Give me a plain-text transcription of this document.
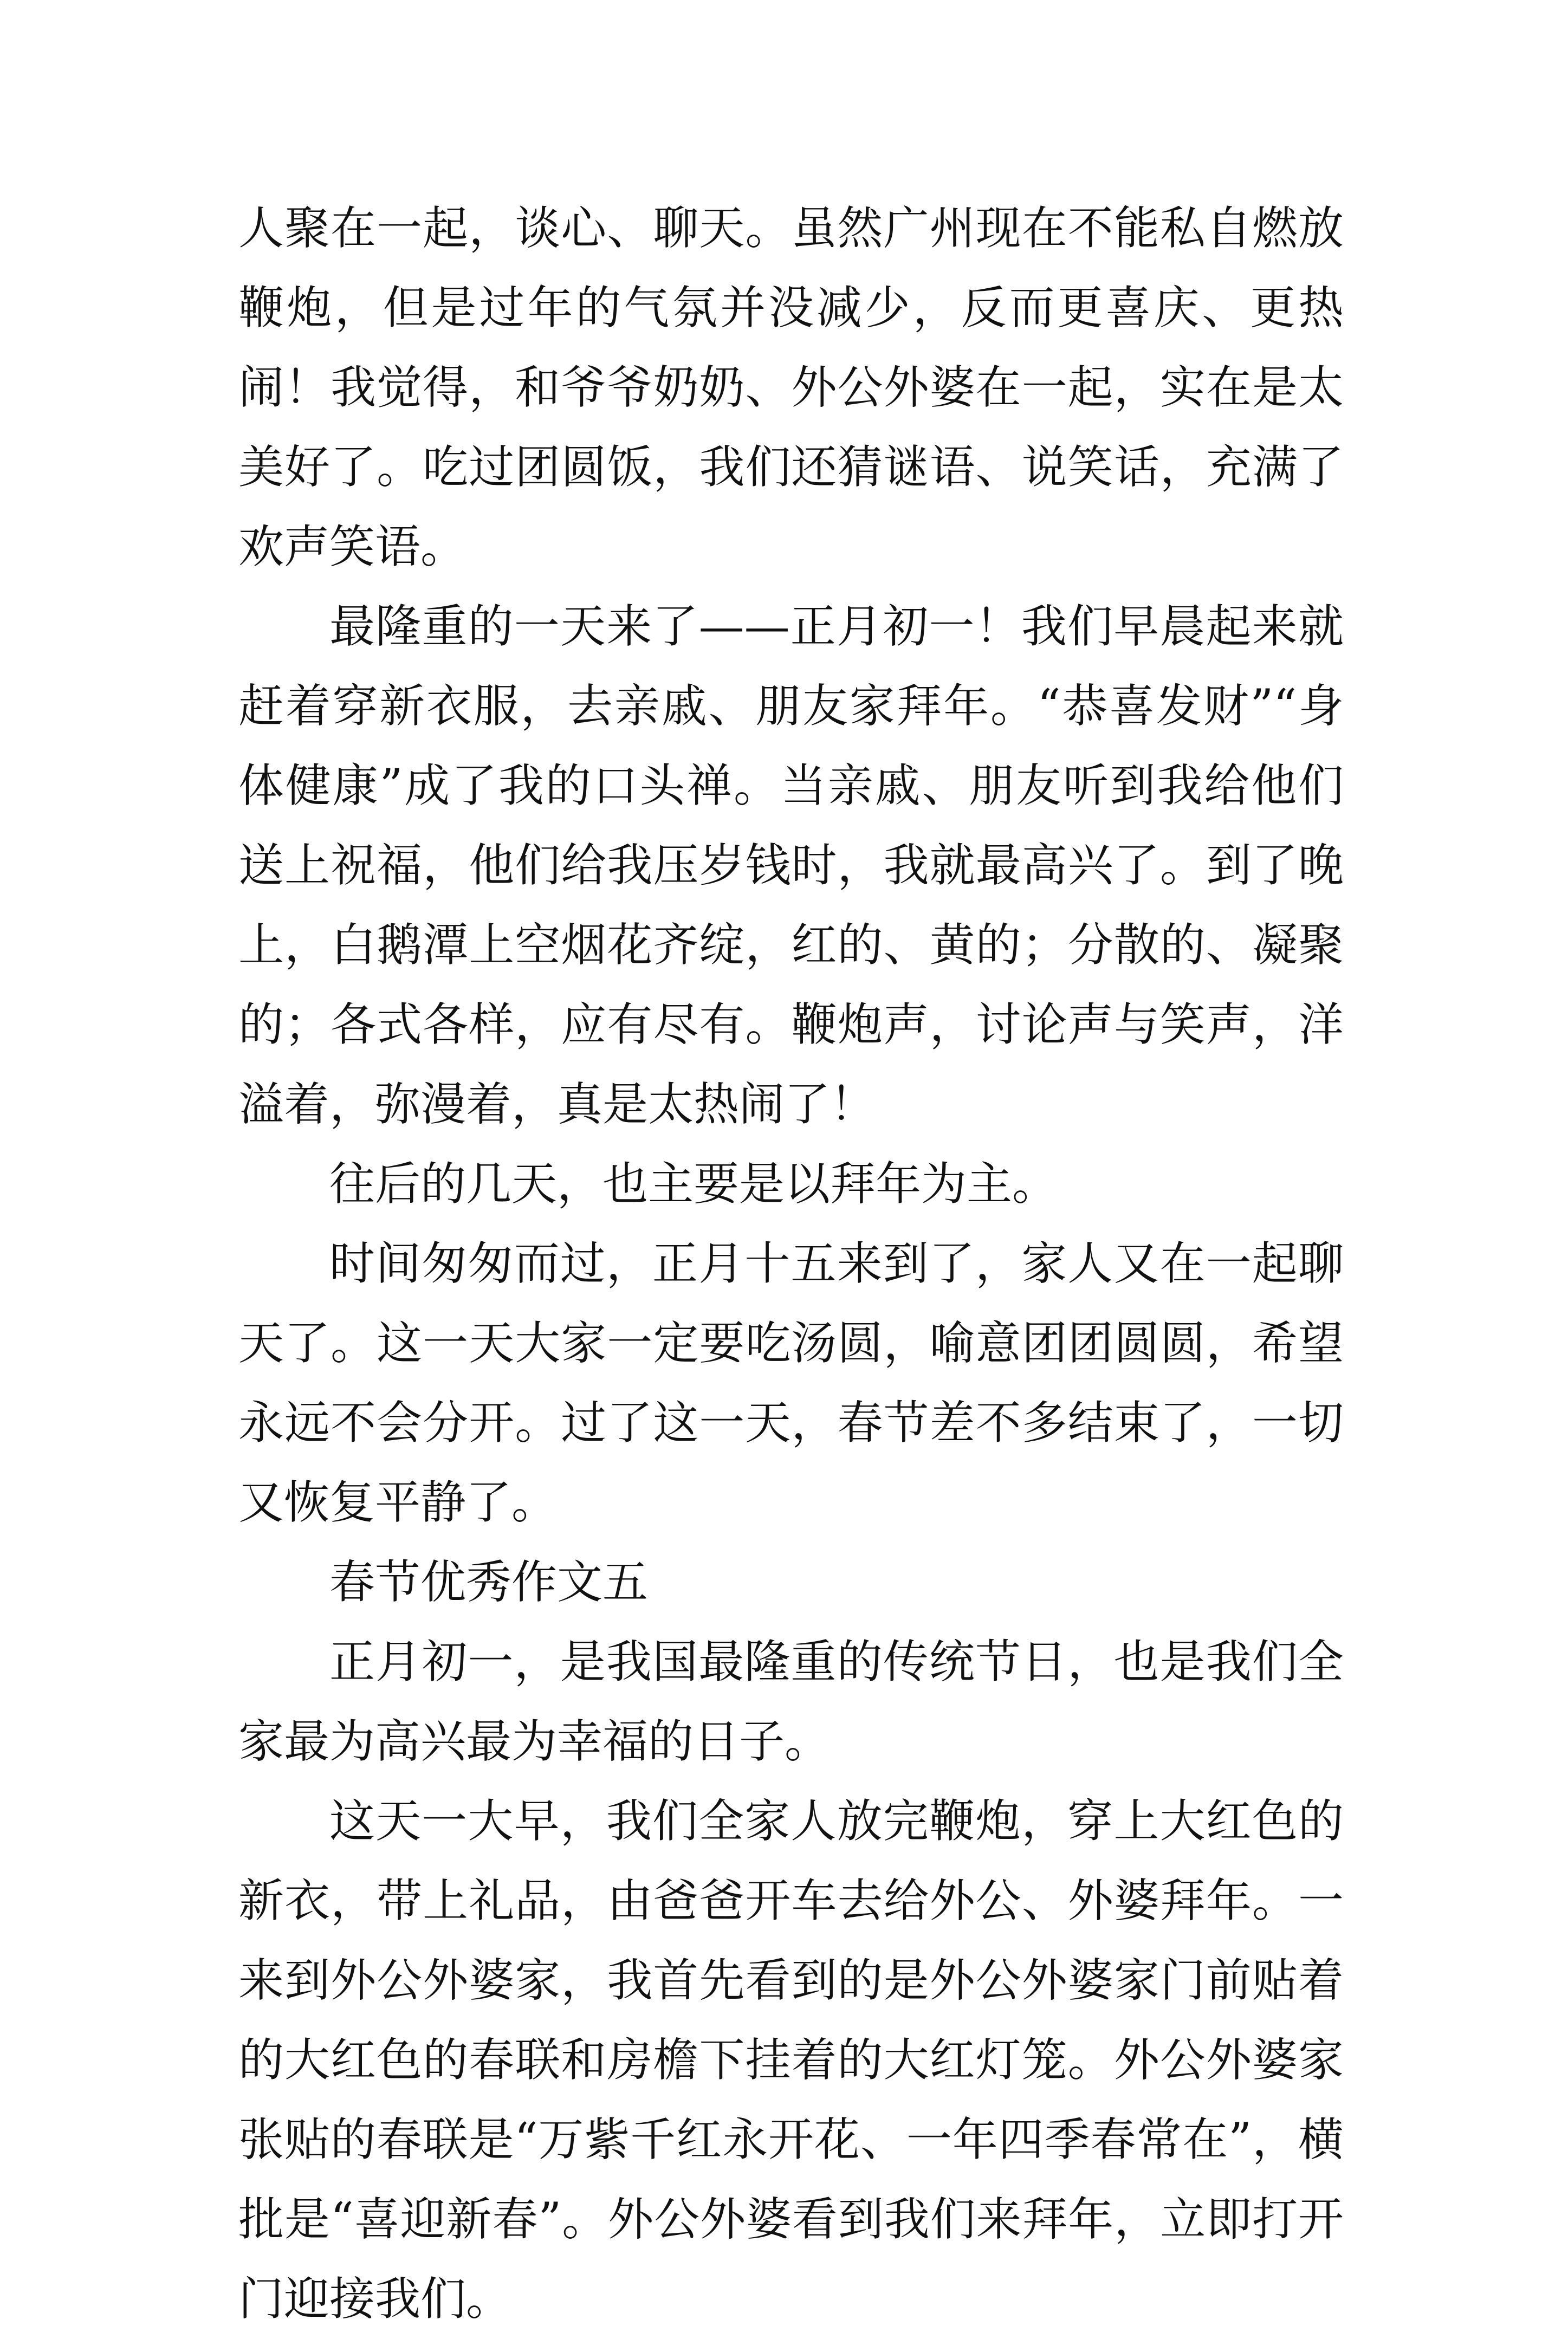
人聚在一起，谈心、聊天。虽然广州现在不能私自燃放鞭炮，但是过年的气氛并没减少，反而更喜庆、更热闹！我觉得，和爷爷奶奶、外公外婆在一起，实在是太美好了。吃过团圆饭，我们还猜谜语、说笑话，充满了欢声笑语。

最隆重的一天来了——正月初一！我们早晨起来就赶着穿新衣服，去亲戚、朋友家拜年。“恭喜发财”“身体健康”成了我的口头禅。当亲戚、朋友听到我给他们送上祝福，他们给我压岁钱时，我就最高兴了。到了晚上，白鹅潭上空烟花齐绽，红的、黄的；分散的、凝聚的；各式各样，应有尽有。鞭炮声，讨论声与笑声，洋溢着，弥漫着，真是太热闹了！

往后的几天，也主要是以拜年为主。

时间匆匆而过，正月十五来到了，家人又在一起聊天了。这一天大家一定要吃汤圆，喻意团团圆圆，希望永远不会分开。过了这一天，春节差不多结束了，一切又恢复平静了。

春节优秀作文五

正月初一，是我国最隆重的传统节日，也是我们全家最为高兴最为幸福的日子。

这天一大早，我们全家人放完鞭炮，穿上大红色的新衣，带上礼品，由爸爸开车去给外公、外婆拜年。一来到外公外婆家，我首先看到的是外公外婆家门前贴着的大红色的春联和房檐下挂着的大红灯笼。外公外婆家张贴的春联是“万紫千红永开花、一年四季春常在”，横批是“喜迎新春”。外公外婆看到我们来拜年，立即打开门迎接我们。
